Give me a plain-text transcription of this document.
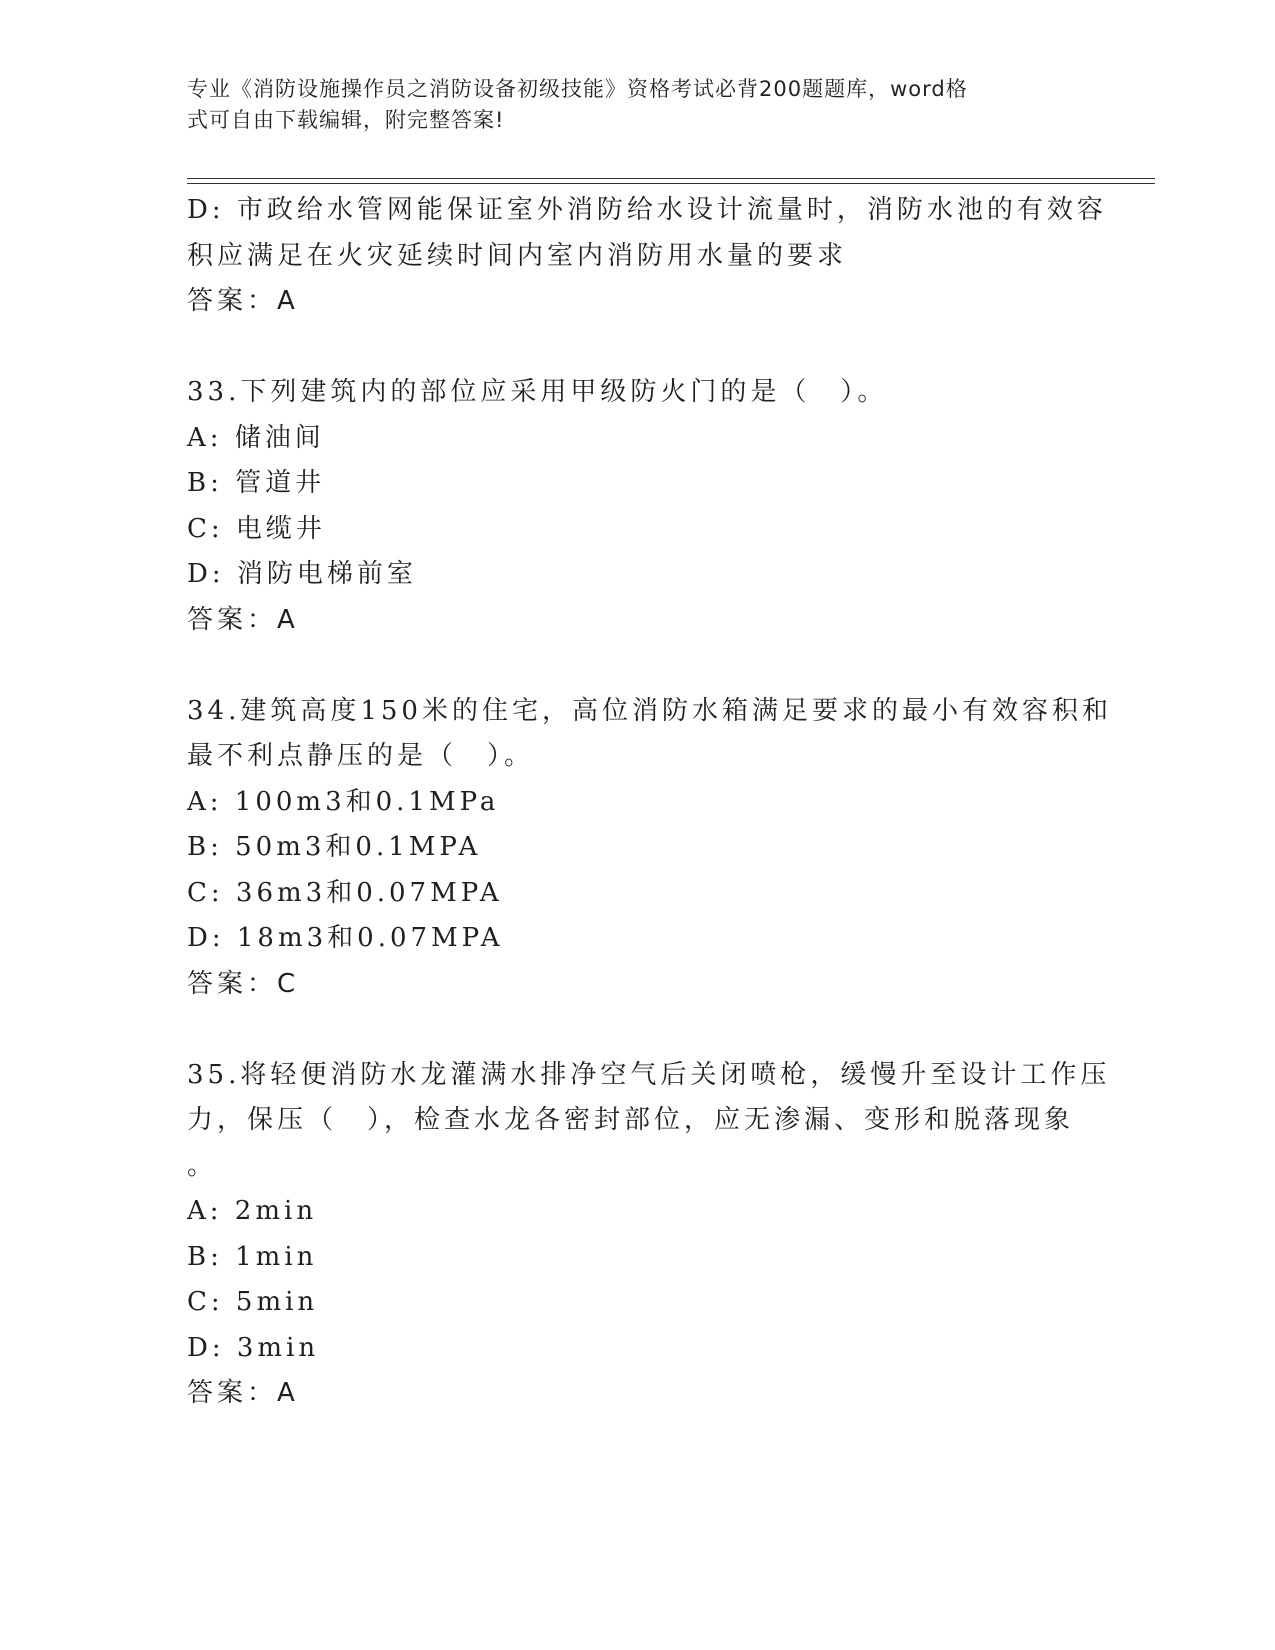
专业《消防设施操作员之消防设备初级技能》资格考试必背200题题库，word格
式可自由下载编辑，附完整答案!
D: 市政给水管网能保证室外消防给水设计流量时，消防水池的有效容
积应满足在火灾延续时间内室内消防用水量的要求
答案：A
33.下列建筑内的部位应采用甲级防火门的是（　）。
A: 储油间
B: 管道井
C: 电缆井
D: 消防电梯前室
答案：A
34.建筑高度150米的住宅，高位消防水箱满足要求的最小有效容积和
最不利点静压的是（　）。
A: 100m3和0.1MPa
B: 50m3和0.1MPA
C: 36m3和0.07MPA
D: 18m3和0.07MPA
答案：C
35.将轻便消防水龙灌满水排净空气后关闭喷枪，缓慢升至设计工作压
力，保压（　），检查水龙各密封部位，应无渗漏、变形和脱落现象
。
A: 2min
B: 1min
C: 5min
D: 3min
答案：A
